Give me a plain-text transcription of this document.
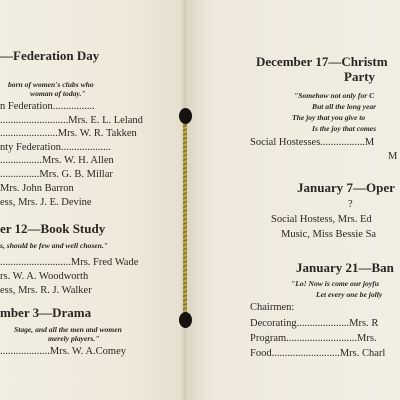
—Federation Day
born of women's clubs who
woman of today."
n Federation................
..........................Mrs. E. L. Leland
......................Mrs. W. R. Takken
nty Federation...................
................Mrs. W. H. Allen
...............Mrs. G. B. Millar
Mrs. John Barron
ess, Mrs. J. E. Devine
er 12—Book Study
s, should be few and well chosen."
...........................Mrs. Fred Wade
rs. W. A. Woodworth
ess, Mrs. R. J. Walker
mber 3—Drama
Stage, and all the men and women
merely players."
...................Mrs. W. A.Comey
December 17—Christm
Party
"Somehow not only for C
But all the long year
The joy that you give to
Is the joy that comes
Social Hostesses.................M
M
January 7—Oper
?
Social Hostess, Mrs. Ed
Music, Miss Bessie Sa
January 21—Ban
"Lo! Now is come our joyfu
Let every one be jolly
Chairmen:
Decorating....................Mrs. R
Program...........................Mrs.
Food..........................Mrs. Charl
